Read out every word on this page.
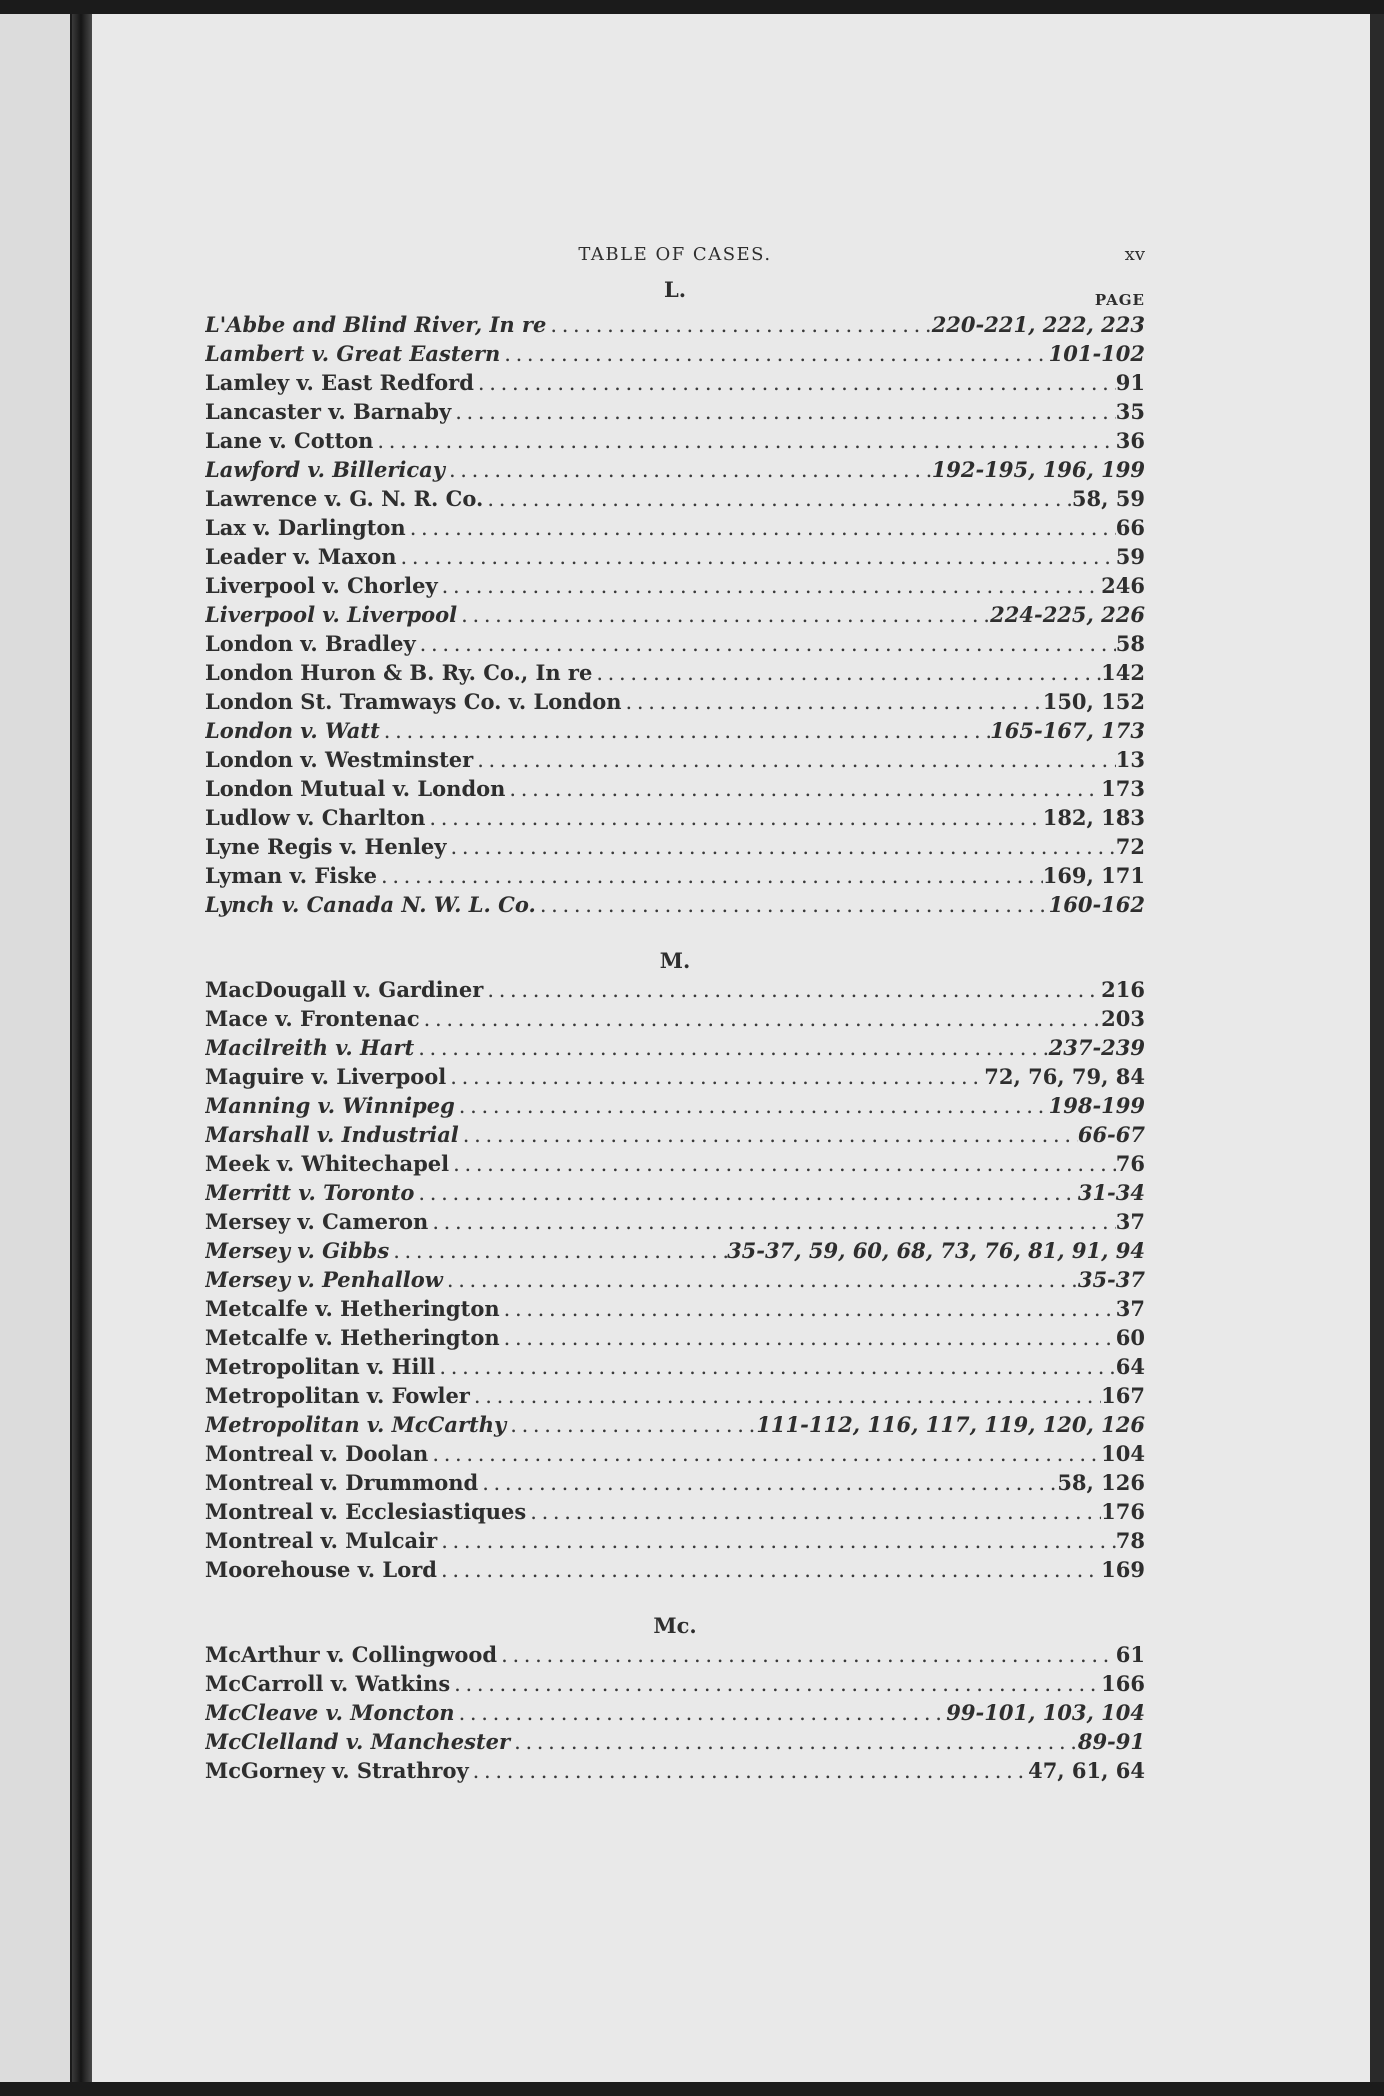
TABLE OF CASES.	xv
L.	PAGE
L'Abbe and Blind River, In re . . .	220-221, 222, 223
Lambert v. Great Eastern . . .	101-102
Lamley v. East Redford . . .	91
Lancaster v. Barnaby . . .	35
Lane v. Cotton . . .	36
Lawford v. Billericay . . .	192-195, 196, 199
Lawrence v. G. N. R. Co. . . .	58, 59
Lax v. Darlington . . .	66
Leader v. Maxon . . .	59
Liverpool v. Chorley . . .	246
Liverpool v. Liverpool . . .	224-225, 226
London v. Bradley . . .	58
London Huron & B. Ry. Co., In re . . .	142
London St. Tramways Co. v. London . . .	150, 152
London v. Watt . . .	165-167, 173
London v. Westminster . . .	13
London Mutual v. London . . .	173
Ludlow v. Charlton . . .	182, 183
Lyne Regis v. Henley . . .	72
Lyman v. Fiske . . .	169, 171
Lynch v. Canada N. W. L. Co. . . .	160-162
M.
MacDougall v. Gardiner . . .	216
Mace v. Frontenac . . .	203
Macilreith v. Hart . . .	237-239
Maguire v. Liverpool . . .	72, 76, 79, 84
Manning v. Winnipeg . . .	198-199
Marshall v. Industrial . . .	66-67
Meek v. Whitechapel . . .	76
Merritt v. Toronto . . .	31-34
Mersey v. Cameron . . .	37
Mersey v. Gibbs . . .	35-37, 59, 60, 68, 73, 76, 81, 91, 94
Mersey v. Penhallow . . .	35-37
Metcalfe v. Hetherington . . .	37
Metcalfe v. Hetherington . . .	60
Metropolitan v. Hill . . .	64
Metropolitan v. Fowler . . .	167
Metropolitan v. McCarthy . . .	111-112, 116, 117, 119, 120, 126
Montreal v. Doolan . . .	104
Montreal v. Drummond . . .	58, 126
Montreal v. Ecclesiastiques . . .	176
Montreal v. Mulcair . . .	78
Moorehouse v. Lord . . .	169
Mc.
McArthur v. Collingwood . . .	61
McCarroll v. Watkins . . .	166
McCleave v. Moncton . . .	99-101, 103, 104
McClelland v. Manchester . . .	89-91
McGorney v. Strathroy . . .	47, 61, 64
